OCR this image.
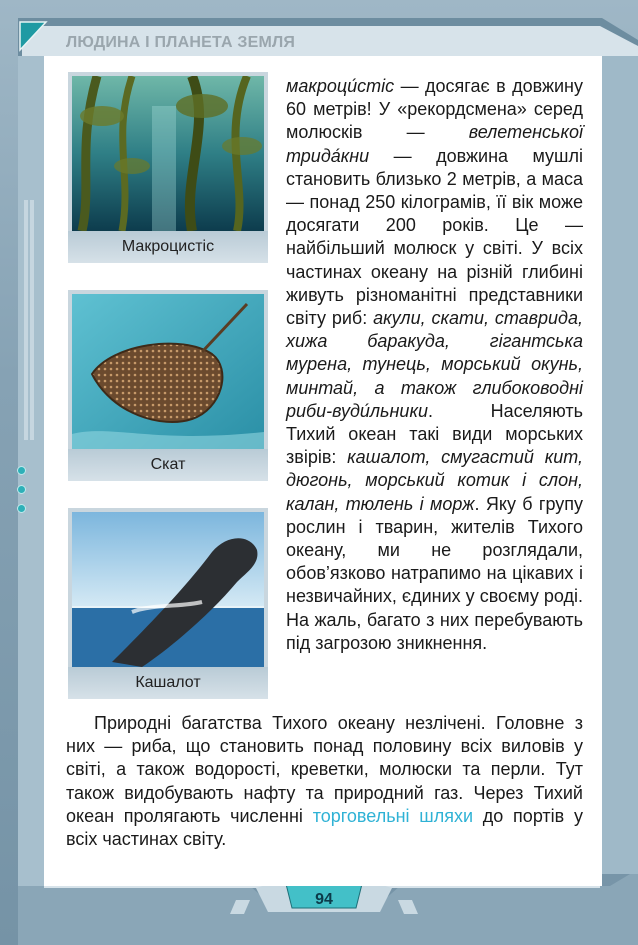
ЛЮДИНА І ПЛАНЕТА ЗЕМЛЯ
Макроцистіс
Скат
Кашалот

макроци́стіс — досягає в довжину 60 метрів! У «рекордсмена» серед молюсків — велетенської трида́кни — довжина мушлі становить близько 2 метрів, а маса — понад 250 кілограмів, її вік може досягати 200 років. Це — найбільший молюск у світі. У всіх частинах океану на різній глибині живуть різноманітні представники світу риб: акули, скати, ставрида, хижа баракуда, гігантська мурена, тунець, морський окунь, минтай, а також глибоководні риби-вуди́льники. Населяють Тихий океан такі види морських звірів: кашалот, смугастий кит, дюгонь, морський котик і слон, калан, тюлень і морж. Яку б групу рослин і тварин, жителів Тихого океану, ми не розглядали, обов’язково натрапимо на цікавих і незвичайних, єдиних у своєму роді. На жаль, багато з них перебувають під загрозою зникнення.

Природні багатства Тихого океану незлічені. Головне з них — риба, що становить понад половину всіх виловів у світі, а також водорості, креветки, молюски та перли. Тут також видобувають нафту та природний газ. Через Тихий океан пролягають численні торговельні шляхи до портів у всіх частинах світу.

94
